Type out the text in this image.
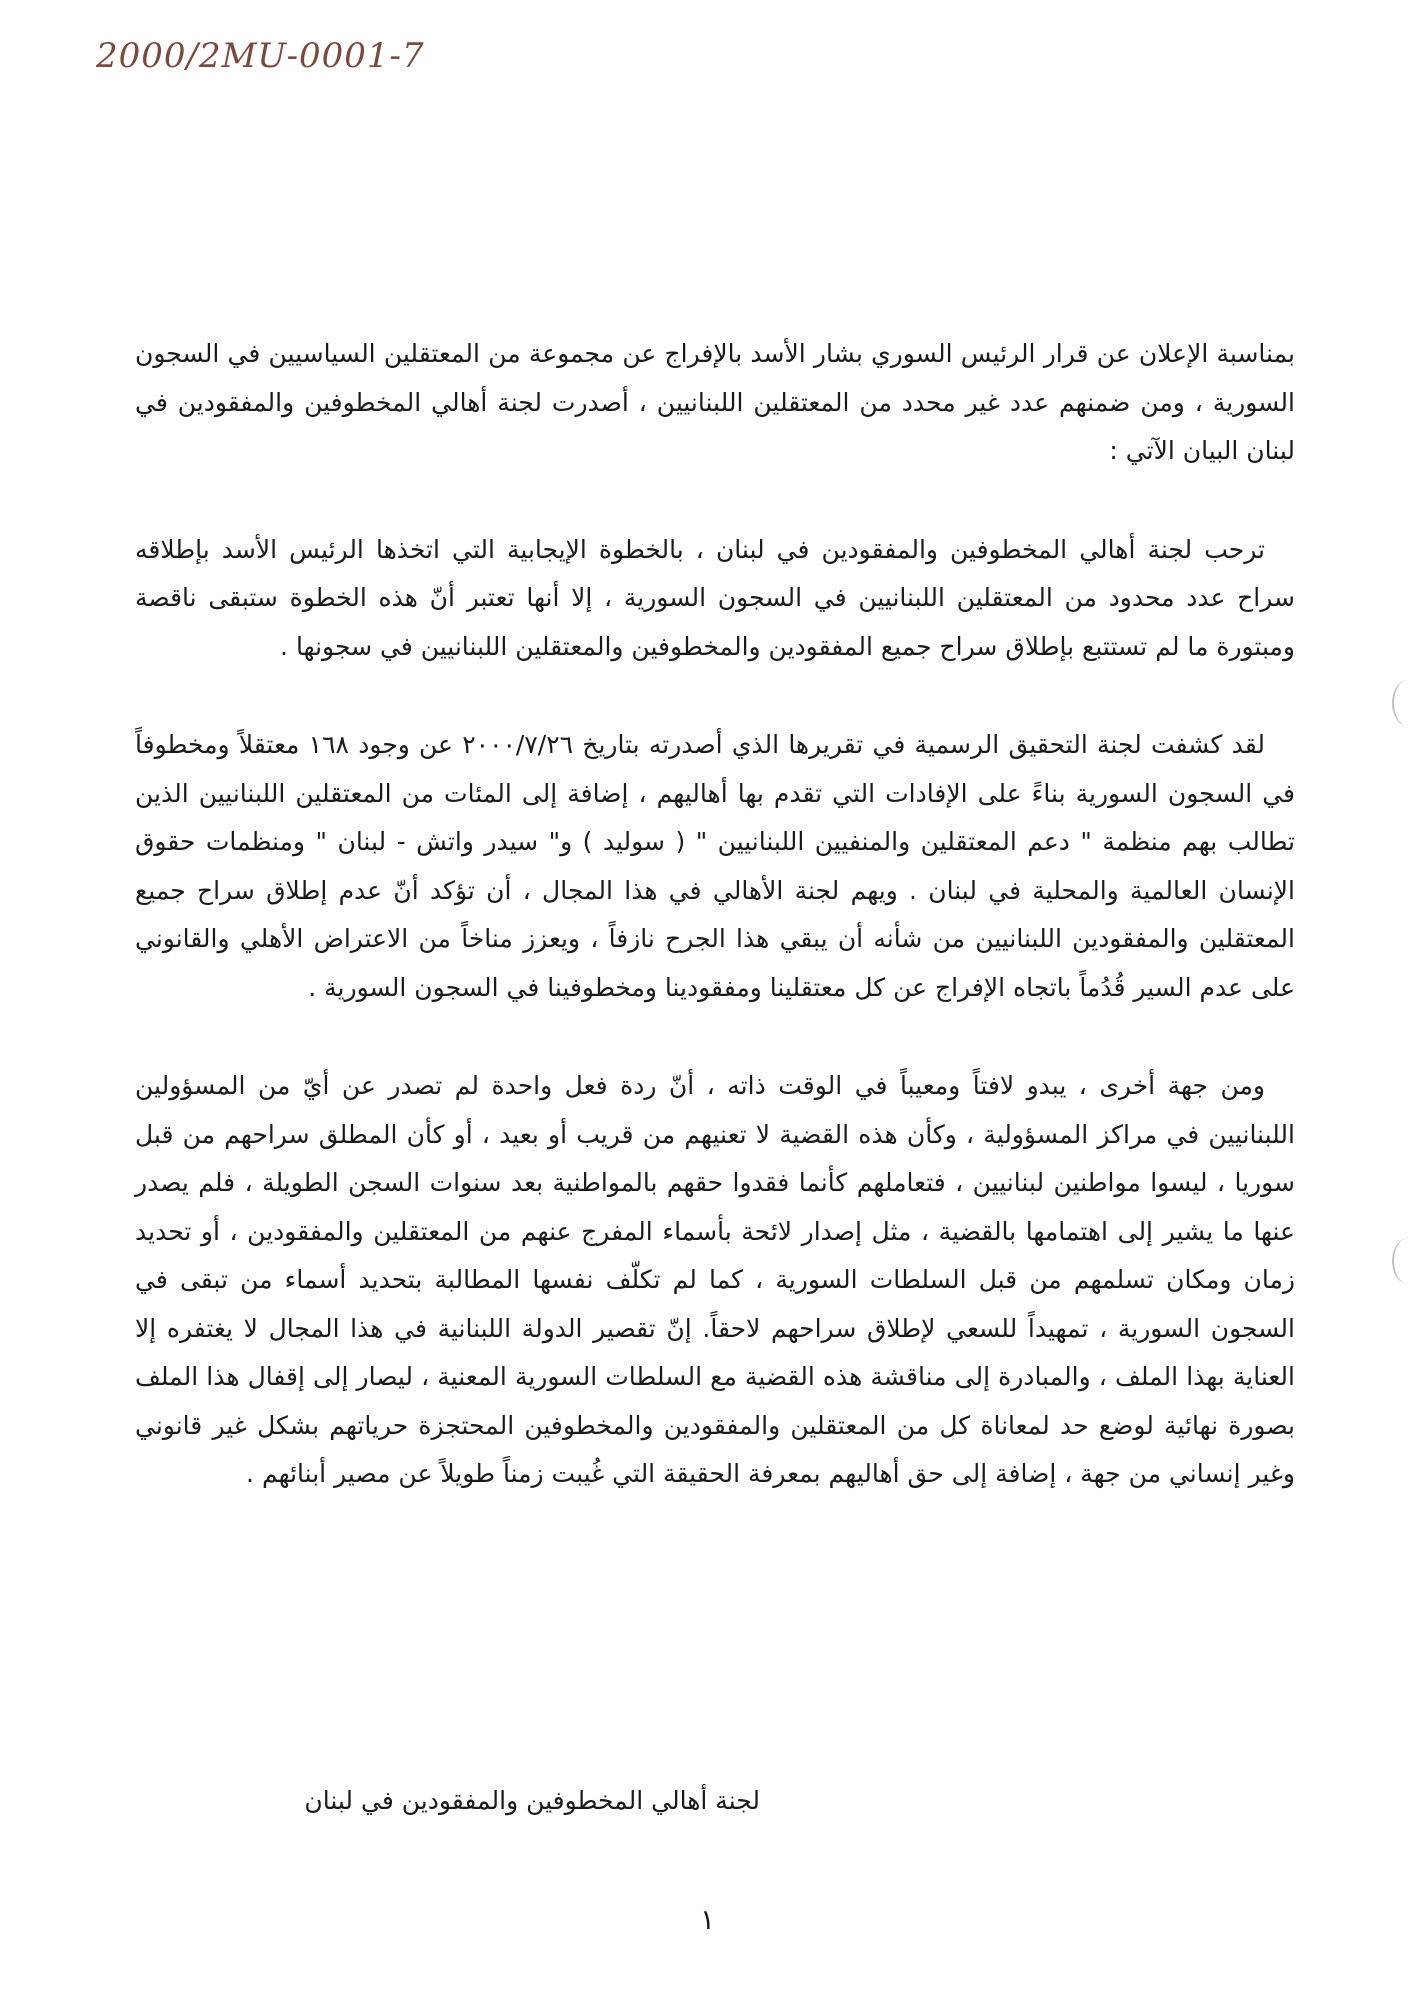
2000/2MU-0001-7

بمناسبة الإعلان عن قرار الرئيس السوري بشار الأسد بالإفراج عن مجموعة من المعتقلين السياسيين في السجون السورية ، ومن ضمنهم عدد غير محدد من المعتقلين اللبنانيين ، أصدرت لجنة أهالي المخطوفين والمفقودين في لبنان البيان الآتي :

ترحب لجنة أهالي المخطوفين والمفقودين في لبنان ، بالخطوة الإيجابية التي اتخذها الرئيس الأسد بإطلاقه سراح عدد محدود من المعتقلين اللبنانيين في السجون السورية ، إلا أنها تعتبر أنّ هذه الخطوة ستبقى ناقصة ومبتورة ما لم تستتبع بإطلاق سراح جميع المفقودين والمخطوفين والمعتقلين اللبنانيين في سجونها .

لقد كشفت لجنة التحقيق الرسمية في تقريرها الذي أصدرته بتاريخ ٢٠٠٠/٧/٢٦ عن وجود ١٦٨ معتقلاً ومخطوفاً في السجون السورية بناءً على الإفادات التي تقدم بها أهاليهم ، إضافة إلى المئات من المعتقلين اللبنانيين الذين تطالب بهم منظمة " دعم المعتقلين والمنفيين اللبنانيين " ( سوليد ) و" سيدر واتش - لبنان " ومنظمات حقوق الإنسان العالمية والمحلية في لبنان . ويهم لجنة الأهالي في هذا المجال ، أن تؤكد أنّ عدم إطلاق سراح جميع المعتقلين والمفقودين اللبنانيين من شأنه أن يبقي هذا الجرح نازفاً ، ويعزز مناخاً من الاعتراض الأهلي والقانوني على عدم السير قُدُماً باتجاه الإفراج عن كل معتقلينا ومفقودينا ومخطوفينا في السجون السورية .

ومن جهة أخرى ، يبدو لافتاً ومعيباً في الوقت ذاته ، أنّ ردة فعل واحدة لم تصدر عن أيّ من المسؤولين اللبنانيين في مراكز المسؤولية ، وكأن هذه القضية لا تعنيهم من قريب أو بعيد ، أو كأن المطلق سراحهم من قبل سوريا ، ليسوا مواطنين لبنانيين ، فتعاملهم كأنما فقدوا حقهم بالمواطنية بعد سنوات السجن الطويلة ، فلم يصدر عنها ما يشير إلى اهتمامها بالقضية ، مثل إصدار لائحة بأسماء المفرج عنهم من المعتقلين والمفقودين ، أو تحديد زمان ومكان تسلمهم من قبل السلطات السورية ، كما لم تكلّف نفسها المطالبة بتحديد أسماء من تبقى في السجون السورية ، تمهيداً للسعي لإطلاق سراحهم لاحقاً. إنّ تقصير الدولة اللبنانية في هذا المجال لا يغتفره إلا العناية بهذا الملف ، والمبادرة إلى مناقشة هذه القضية مع السلطات السورية المعنية ، ليصار إلى إقفال هذا الملف بصورة نهائية لوضع حد لمعاناة كل من المعتقلين والمفقودين والمخطوفين المحتجزة حرياتهم بشكل غير قانوني وغير إنساني من جهة ، إضافة إلى حق أهاليهم بمعرفة الحقيقة التي غُيبت زمناً طويلاً عن مصير أبنائهم .

لجنة أهالي المخطوفين والمفقودين في لبنان
١
